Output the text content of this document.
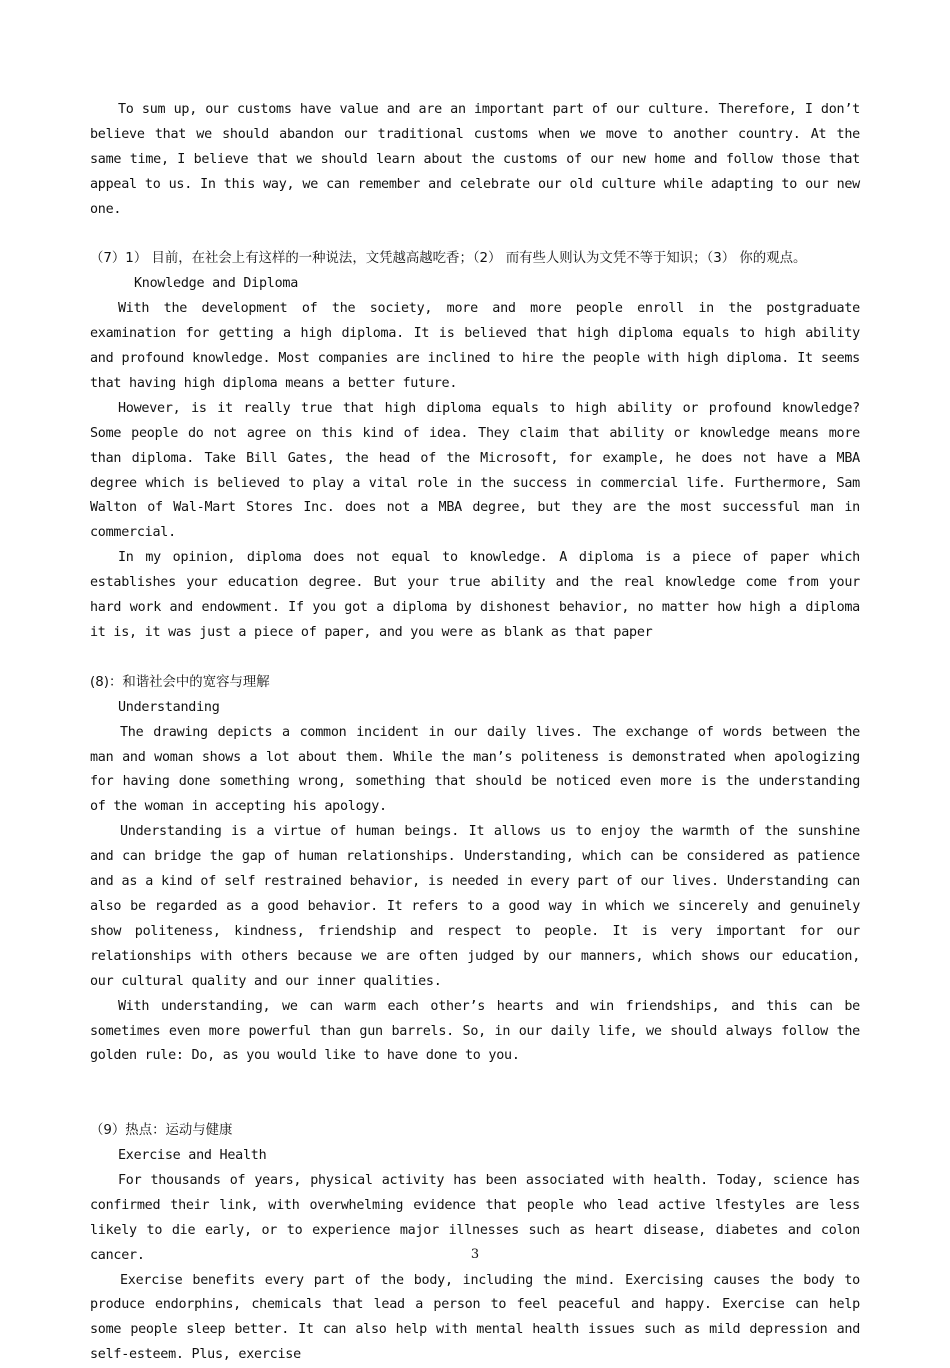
To sum up, our customs have value and are an important part of our culture. Therefore, I don’t believe that we should abandon our traditional customs when we move to another country. At the same time, I believe that we should learn about the customs of our new home and follow those that appeal to us. In this way, we can remember and celebrate our old culture while adapting to our new one.

（7）1） 目前，在社会上有这样的一种说法，文凭越高越吃香；（2） 而有些人则认为文凭不等于知识；（3） 你的观点。

Knowledge and Diploma

With the development of the society, more and more people enroll in the postgraduate examination for getting a high diploma. It is believed that high diploma equals to high ability and profound knowledge. Most companies are inclined to hire the people with high diploma. It seems that having high diploma means a better future.

However, is it really true that high diploma equals to high ability or profound knowledge? Some people do not agree on this kind of idea. They claim that ability or knowledge means more than diploma. Take Bill Gates, the head of the Microsoft, for example, he does not have a MBA degree which is believed to play a vital role in the success in commercial life. Furthermore, Sam Walton of Wal-Mart Stores Inc. does not a MBA degree, but they are the most successful man in commercial.

In my opinion, diploma does not equal to knowledge. A diploma is a piece of paper which establishes your education degree. But your true ability and the real knowledge come from your hard work and endowment. If you got a diploma by dishonest behavior, no matter how high a diploma it is, it was just a piece of paper, and you were as blank as that paper

(8)：和谐社会中的宽容与理解

Understanding

The drawing depicts a common incident in our daily lives. The exchange of words between the man and woman shows a lot about them. While the man’s politeness is demonstrated when apologizing for having done something wrong, something that should be noticed even more is the understanding of the woman in accepting his apology.

Understanding is a virtue of human beings. It allows us to enjoy the warmth of the sunshine and can bridge the gap of human relationships. Understanding, which can be considered as patience and as a kind of self restrained behavior, is needed in every part of our lives. Understanding can also be regarded as a good behavior. It refers to a good way in which we sincerely and genuinely show politeness, kindness, friendship and respect to people. It is very important for our relationships with others because we are often judged by our manners, which shows our education, our cultural quality and our inner qualities.

With understanding, we can warm each other’s hearts and win friendships, and this can be sometimes even more powerful than gun barrels. So, in our daily life, we should always follow the golden rule: Do, as you would like to have done to you.

（9）热点：运动与健康

Exercise and Health

For thousands of years, physical activity has been associated with health. Today, science has confirmed their link, with overwhelming evidence that people who lead active lfestyles are less likely to die early, or to experience major illnesses such as heart disease, diabetes and colon cancer.

Exercise benefits every part of the body, including the mind. Exercising causes the body to produce endorphins, chemicals that lead a person to feel peaceful and happy. Exercise can help some people sleep better. It can also help with mental health issues such as mild depression and self-esteem. Plus, exercise

3
